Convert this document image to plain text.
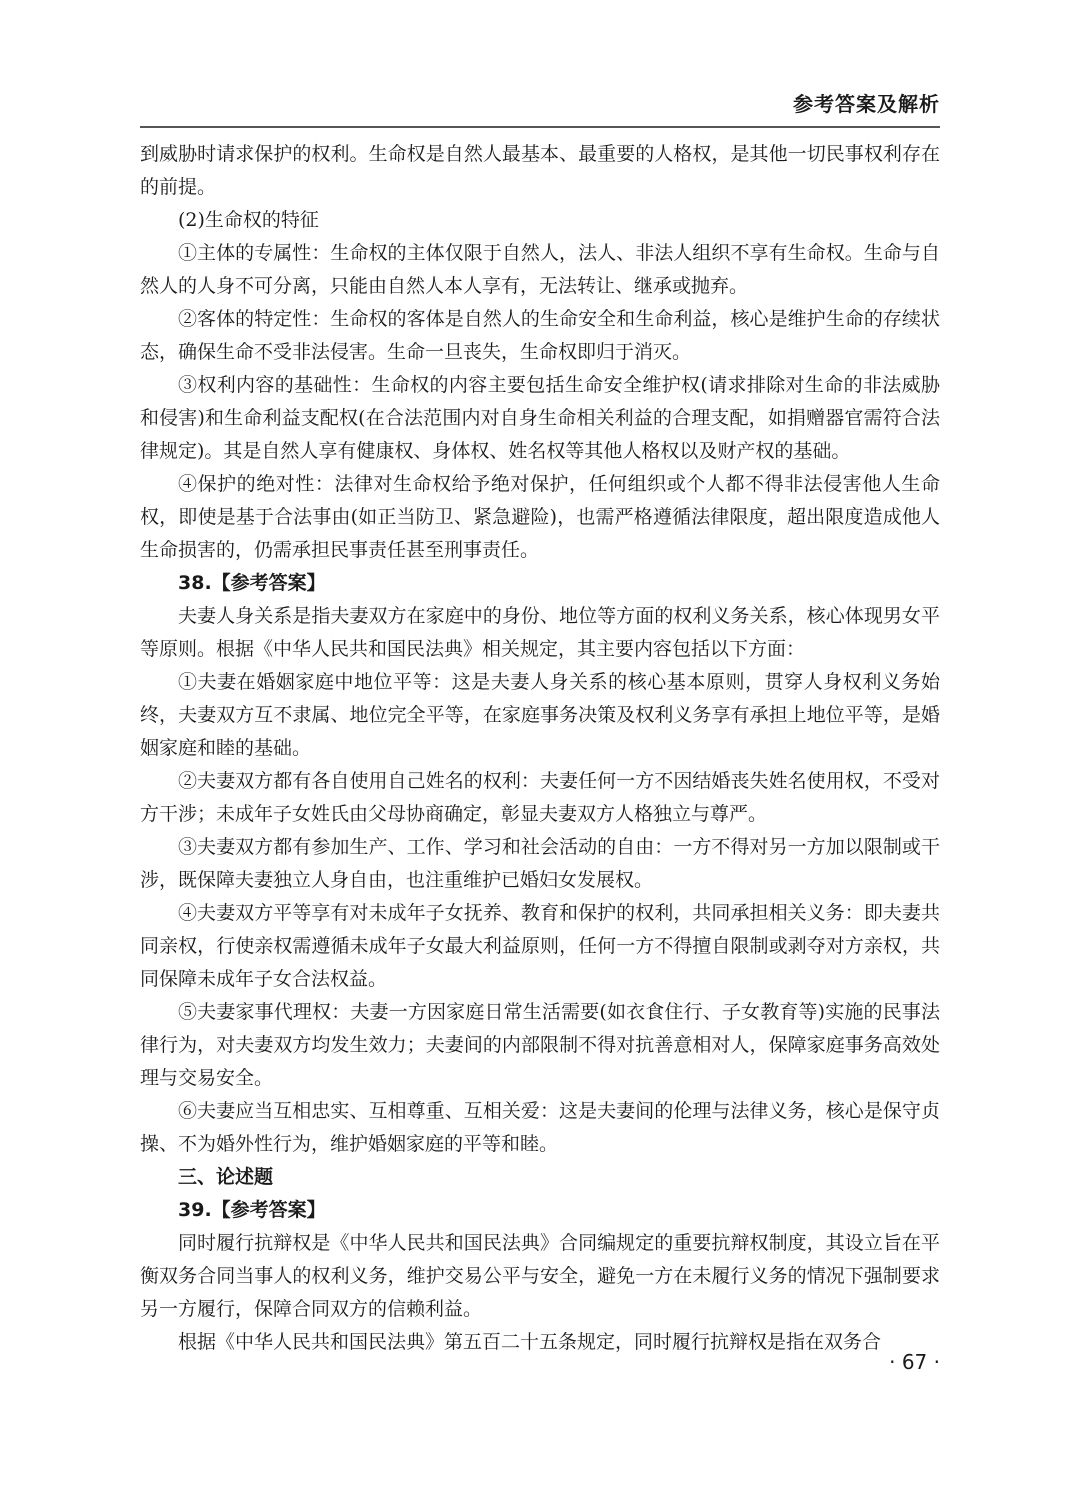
参考答案及解析

到威胁时请求保护的权利。生命权是自然人最基本、最重要的人格权，是其他一切民事权利存在的前提。

(2)生命权的特征

①主体的专属性：生命权的主体仅限于自然人，法人、非法人组织不享有生命权。生命与自然人的人身不可分离，只能由自然人本人享有，无法转让、继承或抛弃。

②客体的特定性：生命权的客体是自然人的生命安全和生命利益，核心是维护生命的存续状态，确保生命不受非法侵害。生命一旦丧失，生命权即归于消灭。

③权利内容的基础性：生命权的内容主要包括生命安全维护权(请求排除对生命的非法威胁和侵害)和生命利益支配权(在合法范围内对自身生命相关利益的合理支配，如捐赠器官需符合法律规定)。其是自然人享有健康权、身体权、姓名权等其他人格权以及财产权的基础。

④保护的绝对性：法律对生命权给予绝对保护，任何组织或个人都不得非法侵害他人生命权，即使是基于合法事由(如正当防卫、紧急避险)，也需严格遵循法律限度，超出限度造成他人生命损害的，仍需承担民事责任甚至刑事责任。

38.【参考答案】

夫妻人身关系是指夫妻双方在家庭中的身份、地位等方面的权利义务关系，核心体现男女平等原则。根据《中华人民共和国民法典》相关规定，其主要内容包括以下方面：

①夫妻在婚姻家庭中地位平等：这是夫妻人身关系的核心基本原则，贯穿人身权利义务始终，夫妻双方互不隶属、地位完全平等，在家庭事务决策及权利义务享有承担上地位平等，是婚姻家庭和睦的基础。

②夫妻双方都有各自使用自己姓名的权利：夫妻任何一方不因结婚丧失姓名使用权，不受对方干涉；未成年子女姓氏由父母协商确定，彰显夫妻双方人格独立与尊严。

③夫妻双方都有参加生产、工作、学习和社会活动的自由：一方不得对另一方加以限制或干涉，既保障夫妻独立人身自由，也注重维护已婚妇女发展权。

④夫妻双方平等享有对未成年子女抚养、教育和保护的权利，共同承担相关义务：即夫妻共同亲权，行使亲权需遵循未成年子女最大利益原则，任何一方不得擅自限制或剥夺对方亲权，共同保障未成年子女合法权益。

⑤夫妻家事代理权：夫妻一方因家庭日常生活需要(如衣食住行、子女教育等)实施的民事法律行为，对夫妻双方均发生效力；夫妻间的内部限制不得对抗善意相对人，保障家庭事务高效处理与交易安全。

⑥夫妻应当互相忠实、互相尊重、互相关爱：这是夫妻间的伦理与法律义务，核心是保守贞操、不为婚外性行为，维护婚姻家庭的平等和睦。

三、论述题

39.【参考答案】

同时履行抗辩权是《中华人民共和国民法典》合同编规定的重要抗辩权制度，其设立旨在平衡双务合同当事人的权利义务，维护交易公平与安全，避免一方在未履行义务的情况下强制要求另一方履行，保障合同双方的信赖利益。

根据《中华人民共和国民法典》第五百二十五条规定，同时履行抗辩权是指在双务合

· 67 ·
